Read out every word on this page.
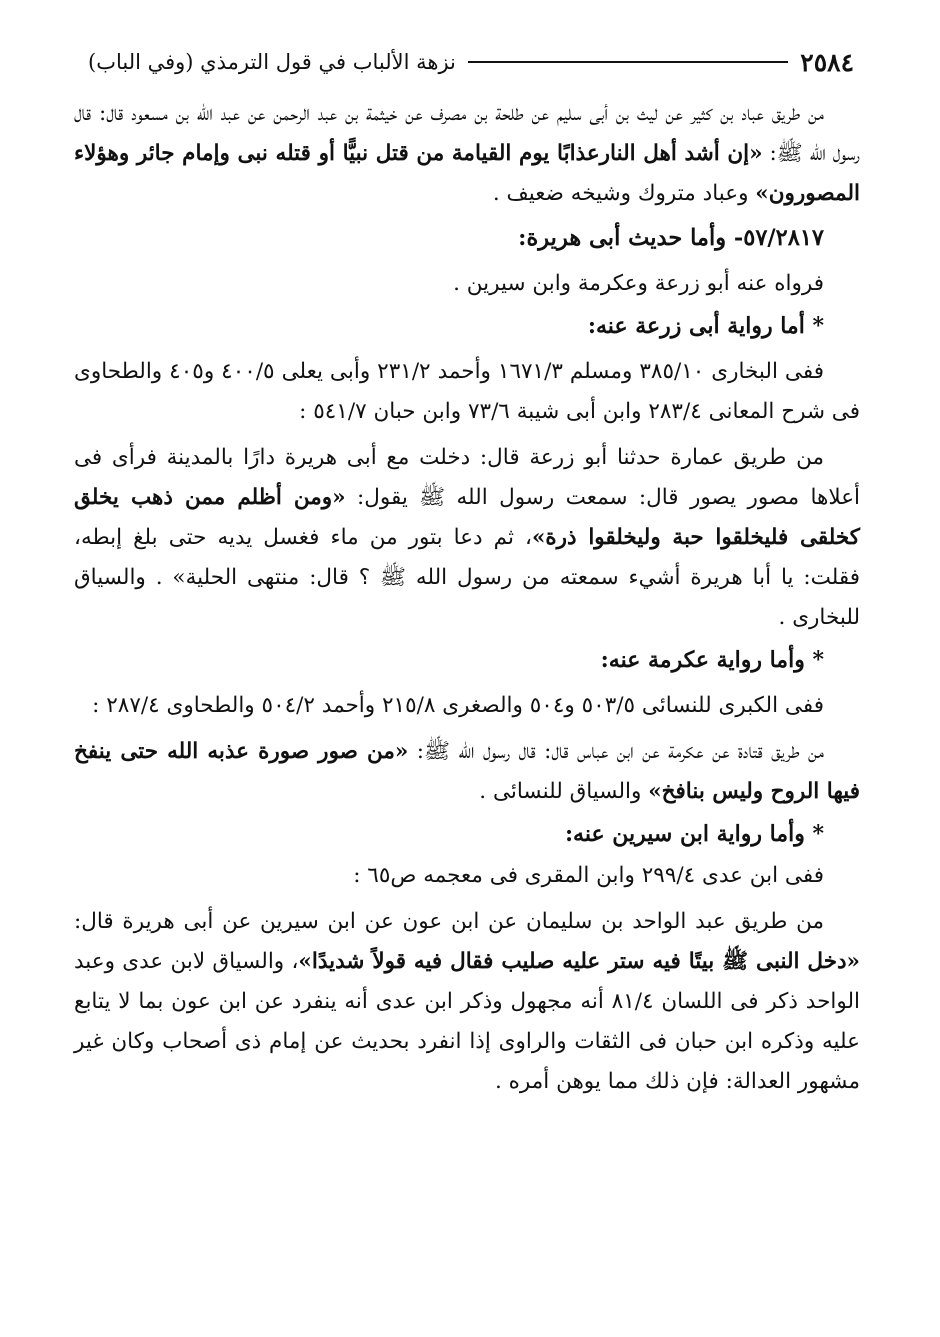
٢٥٨٤
نزهة الألباب في قول الترمذي (وفي الباب)

من طريق عباد بن كثير عن ليث بن أبى سليم عن طلحة بن مصرف عن خيثمة بن عبد الرحمن عن عبد الله بن مسعود قال: قال رسول الله ﷺ: «إن أشد أهل النارعذابًا يوم القيامة من قتل نبيًّا أو قتله نبى وإمام جائر وهؤلاء المصورون» وعباد متروك وشيخه ضعيف .

٥٧/٢٨١٧- وأما حديث أبى هريرة:

فرواه عنه أبو زرعة وعكرمة وابن سيرين .

* أما رواية أبى زرعة عنه:

ففى البخارى ٣٨٥/١٠ ومسلم ١٦٧١/٣ وأحمد ٢٣١/٢ وأبى يعلى ٤٠٠/٥ و٤٠٥ والطحاوى فى شرح المعانى ٢٨٣/٤ وابن أبى شيبة ٧٣/٦ وابن حبان ٥٤١/٧ :

من طريق عمارة حدثنا أبو زرعة قال: دخلت مع أبى هريرة دارًا بالمدينة فرأى فى أعلاها مصور يصور قال: سمعت رسول الله ﷺ يقول: «ومن أظلم ممن ذهب يخلق كخلقى فليخلقوا حبة وليخلقوا ذرة»، ثم دعا بتور من ماء فغسل يديه حتى بلغ إبطه، فقلت: يا أبا هريرة أشيء سمعته من رسول الله ﷺ ؟ قال: منتهى الحلية» . والسياق للبخارى .

* وأما رواية عكرمة عنه:

ففى الكبرى للنسائى ٥٠٣/٥ و٥٠٤ والصغرى ٢١٥/٨ وأحمد ٥٠٤/٢ والطحاوى ٢٨٧/٤ :

من طريق قتادة عن عكرمة عن ابن عباس قال: قال رسول الله ﷺ: «من صور صورة عذبه الله حتى ينفخ فيها الروح وليس بنافخ» والسياق للنسائى .

* وأما رواية ابن سيرين عنه:

ففى ابن عدى ٢٩٩/٤ وابن المقرى فى معجمه ص٦٥ :

من طريق عبد الواحد بن سليمان عن ابن عون عن ابن سيرين عن أبى هريرة قال: «دخل النبى ﷺ بيتًا فيه ستر عليه صليب فقال فيه قولاً شديدًا»، والسياق لابن عدى وعبد الواحد ذكر فى اللسان ٨١/٤ أنه مجهول وذكر ابن عدى أنه ينفرد عن ابن عون بما لا يتابع عليه وذكره ابن حبان فى الثقات والراوى إذا انفرد بحديث عن إمام ذى أصحاب وكان غير مشهور العدالة: فإن ذلك مما يوهن أمره .
